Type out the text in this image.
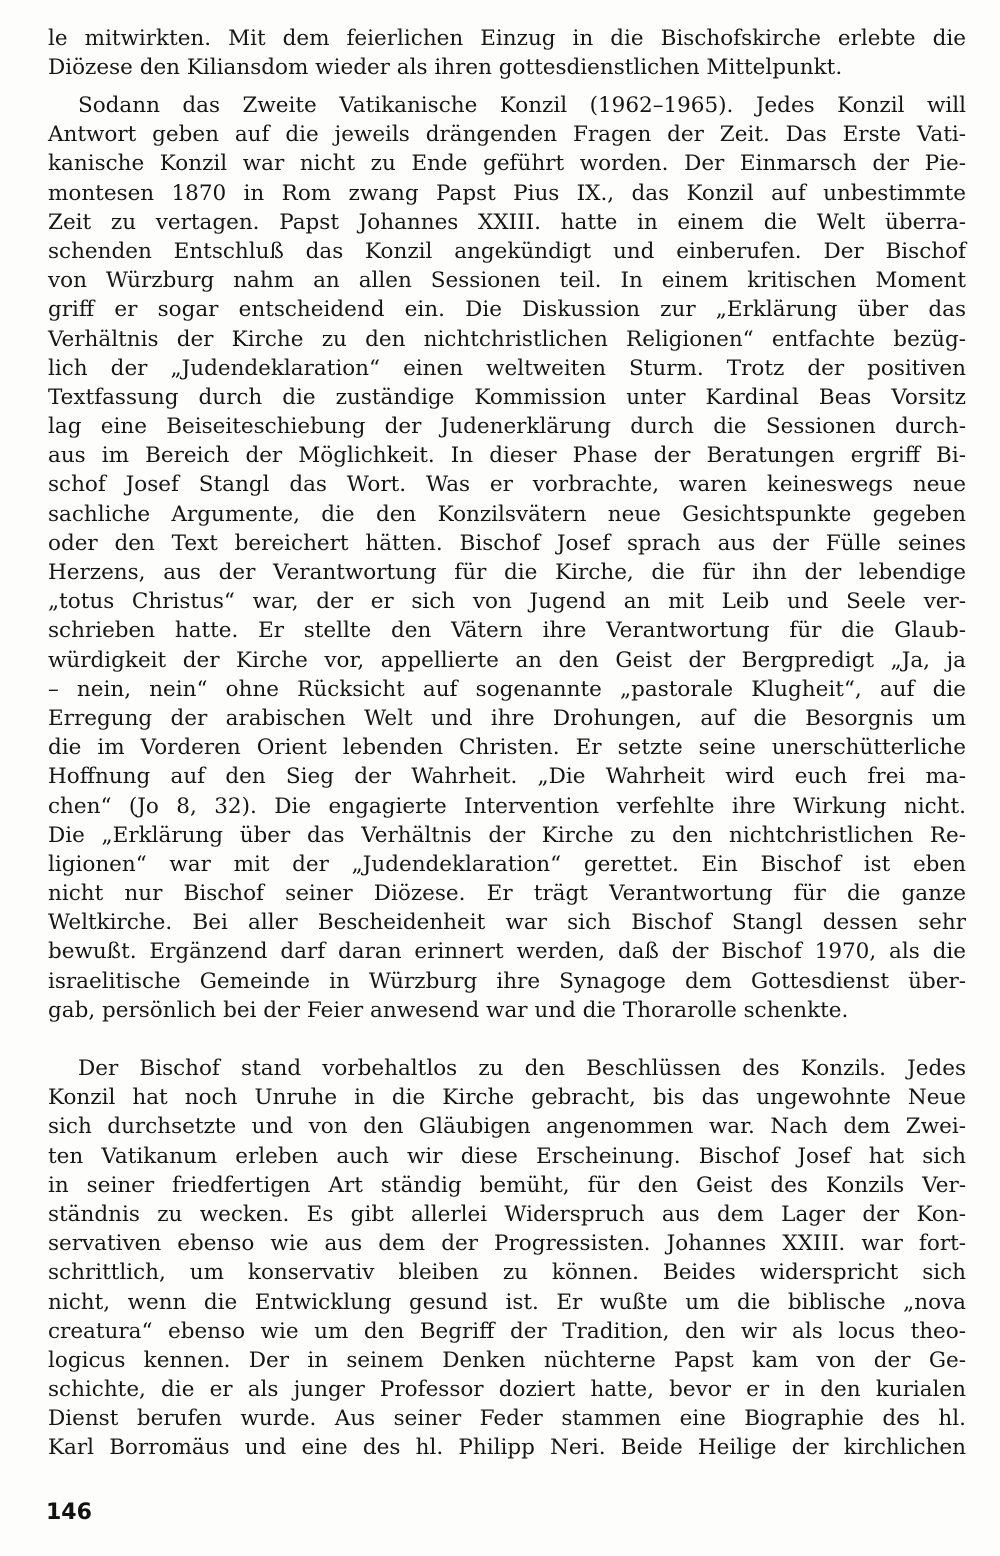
le mitwirkten. Mit dem feierlichen Einzug in die Bischofskirche erlebte die
Diözese den Kiliansdom wieder als ihren gottesdienstlichen Mittelpunkt.
Sodann das Zweite Vatikanische Konzil (1962–1965). Jedes Konzil will
Antwort geben auf die jeweils drängenden Fragen der Zeit. Das Erste Vati-
kanische Konzil war nicht zu Ende geführt worden. Der Einmarsch der Pie-
montesen 1870 in Rom zwang Papst Pius IX., das Konzil auf unbestimmte
Zeit zu vertagen. Papst Johannes XXIII. hatte in einem die Welt überra-
schenden Entschluß das Konzil angekündigt und einberufen. Der Bischof
von Würzburg nahm an allen Sessionen teil. In einem kritischen Moment
griff er sogar entscheidend ein. Die Diskussion zur „Erklärung über das
Verhältnis der Kirche zu den nichtchristlichen Religionen“ entfachte bezüg-
lich der „Judendeklaration“ einen weltweiten Sturm. Trotz der positiven
Textfassung durch die zuständige Kommission unter Kardinal Beas Vorsitz
lag eine Beiseiteschiebung der Judenerklärung durch die Sessionen durch-
aus im Bereich der Möglichkeit. In dieser Phase der Beratungen ergriff Bi-
schof Josef Stangl das Wort. Was er vorbrachte, waren keineswegs neue
sachliche Argumente, die den Konzilsvätern neue Gesichtspunkte gegeben
oder den Text bereichert hätten. Bischof Josef sprach aus der Fülle seines
Herzens, aus der Verantwortung für die Kirche, die für ihn der lebendige
„totus Christus“ war, der er sich von Jugend an mit Leib und Seele ver-
schrieben hatte. Er stellte den Vätern ihre Verantwortung für die Glaub-
würdigkeit der Kirche vor, appellierte an den Geist der Bergpredigt „Ja, ja
– nein, nein“ ohne Rücksicht auf sogenannte „pastorale Klugheit“, auf die
Erregung der arabischen Welt und ihre Drohungen, auf die Besorgnis um
die im Vorderen Orient lebenden Christen. Er setzte seine unerschütterliche
Hoffnung auf den Sieg der Wahrheit. „Die Wahrheit wird euch frei ma-
chen“ (Jo 8, 32). Die engagierte Intervention verfehlte ihre Wirkung nicht.
Die „Erklärung über das Verhältnis der Kirche zu den nichtchristlichen Re-
ligionen“ war mit der „Judendeklaration“ gerettet. Ein Bischof ist eben
nicht nur Bischof seiner Diözese. Er trägt Verantwortung für die ganze
Weltkirche. Bei aller Bescheidenheit war sich Bischof Stangl dessen sehr
bewußt. Ergänzend darf daran erinnert werden, daß der Bischof 1970, als die
israelitische Gemeinde in Würzburg ihre Synagoge dem Gottesdienst über-
gab, persönlich bei der Feier anwesend war und die Thorarolle schenkte.
Der Bischof stand vorbehaltlos zu den Beschlüssen des Konzils. Jedes
Konzil hat noch Unruhe in die Kirche gebracht, bis das ungewohnte Neue
sich durchsetzte und von den Gläubigen angenommen war. Nach dem Zwei-
ten Vatikanum erleben auch wir diese Erscheinung. Bischof Josef hat sich
in seiner friedfertigen Art ständig bemüht, für den Geist des Konzils Ver-
ständnis zu wecken. Es gibt allerlei Widerspruch aus dem Lager der Kon-
servativen ebenso wie aus dem der Progressisten. Johannes XXIII. war fort-
schrittlich, um konservativ bleiben zu können. Beides widerspricht sich
nicht, wenn die Entwicklung gesund ist. Er wußte um die biblische „nova
creatura“ ebenso wie um den Begriff der Tradition, den wir als locus theo-
logicus kennen. Der in seinem Denken nüchterne Papst kam von der Ge-
schichte, die er als junger Professor doziert hatte, bevor er in den kurialen
Dienst berufen wurde. Aus seiner Feder stammen eine Biographie des hl.
Karl Borromäus und eine des hl. Philipp Neri. Beide Heilige der kirchlichen
146
